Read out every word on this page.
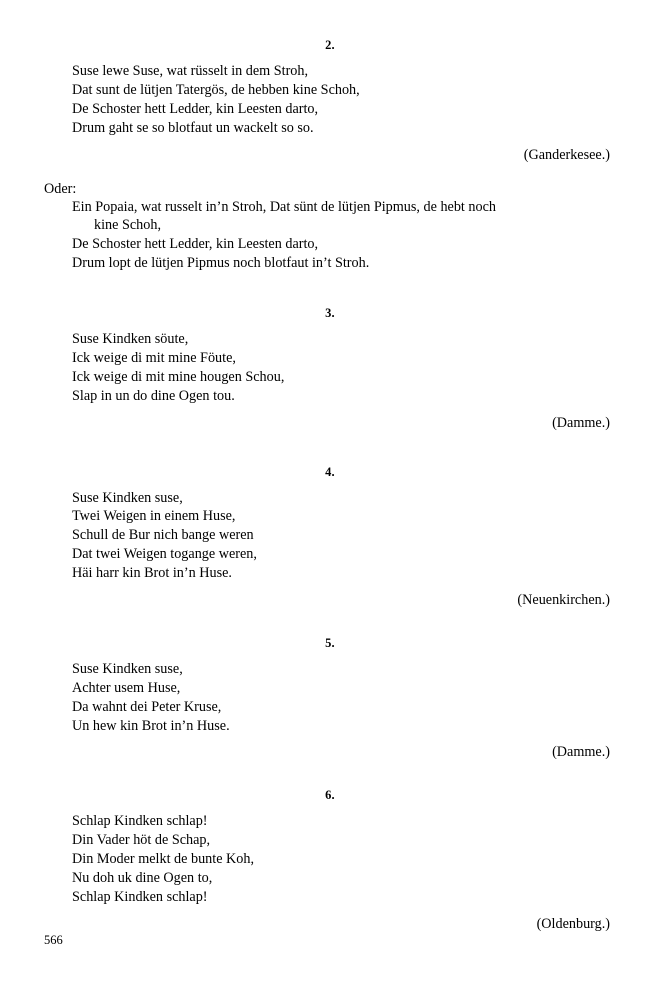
2.
Suse lewe Suse, wat rüsselt in dem Stroh,
Dat sunt de lütjen Tatergös, de hebben kine Schoh,
De Schoster hett Ledder, kin Leesten darto,
Drum gaht se so blotfaut un wackelt so so.
(Ganderkesee.)
Oder:
Ein Popaia, wat russelt in’n Stroh, Dat sünt de lütjen Pipmus, de hebt noch
kine Schoh,
De Schoster hett Ledder, kin Leesten darto,
Drum lopt de lütjen Pipmus noch blotfaut in’t Stroh.
3.
Suse Kindken söute,
Ick weige di mit mine Föute,
Ick weige di mit mine hougen Schou,
Slap in un do dine Ogen tou.
(Damme.)
4.
Suse Kindken suse,
Twei Weigen in einem Huse,
Schull de Bur nich bange weren
Dat twei Weigen togange weren,
Häi harr kin Brot in’n Huse.
(Neuenkirchen.)
5.
Suse Kindken suse,
Achter usem Huse,
Da wahnt dei Peter Kruse,
Un hew kin Brot in’n Huse.
(Damme.)
6.
Schlap Kindken schlap!
Din Vader höt de Schap,
Din Moder melkt de bunte Koh,
Nu doh uk dine Ogen to,
Schlap Kindken schlap!
(Oldenburg.)
566
